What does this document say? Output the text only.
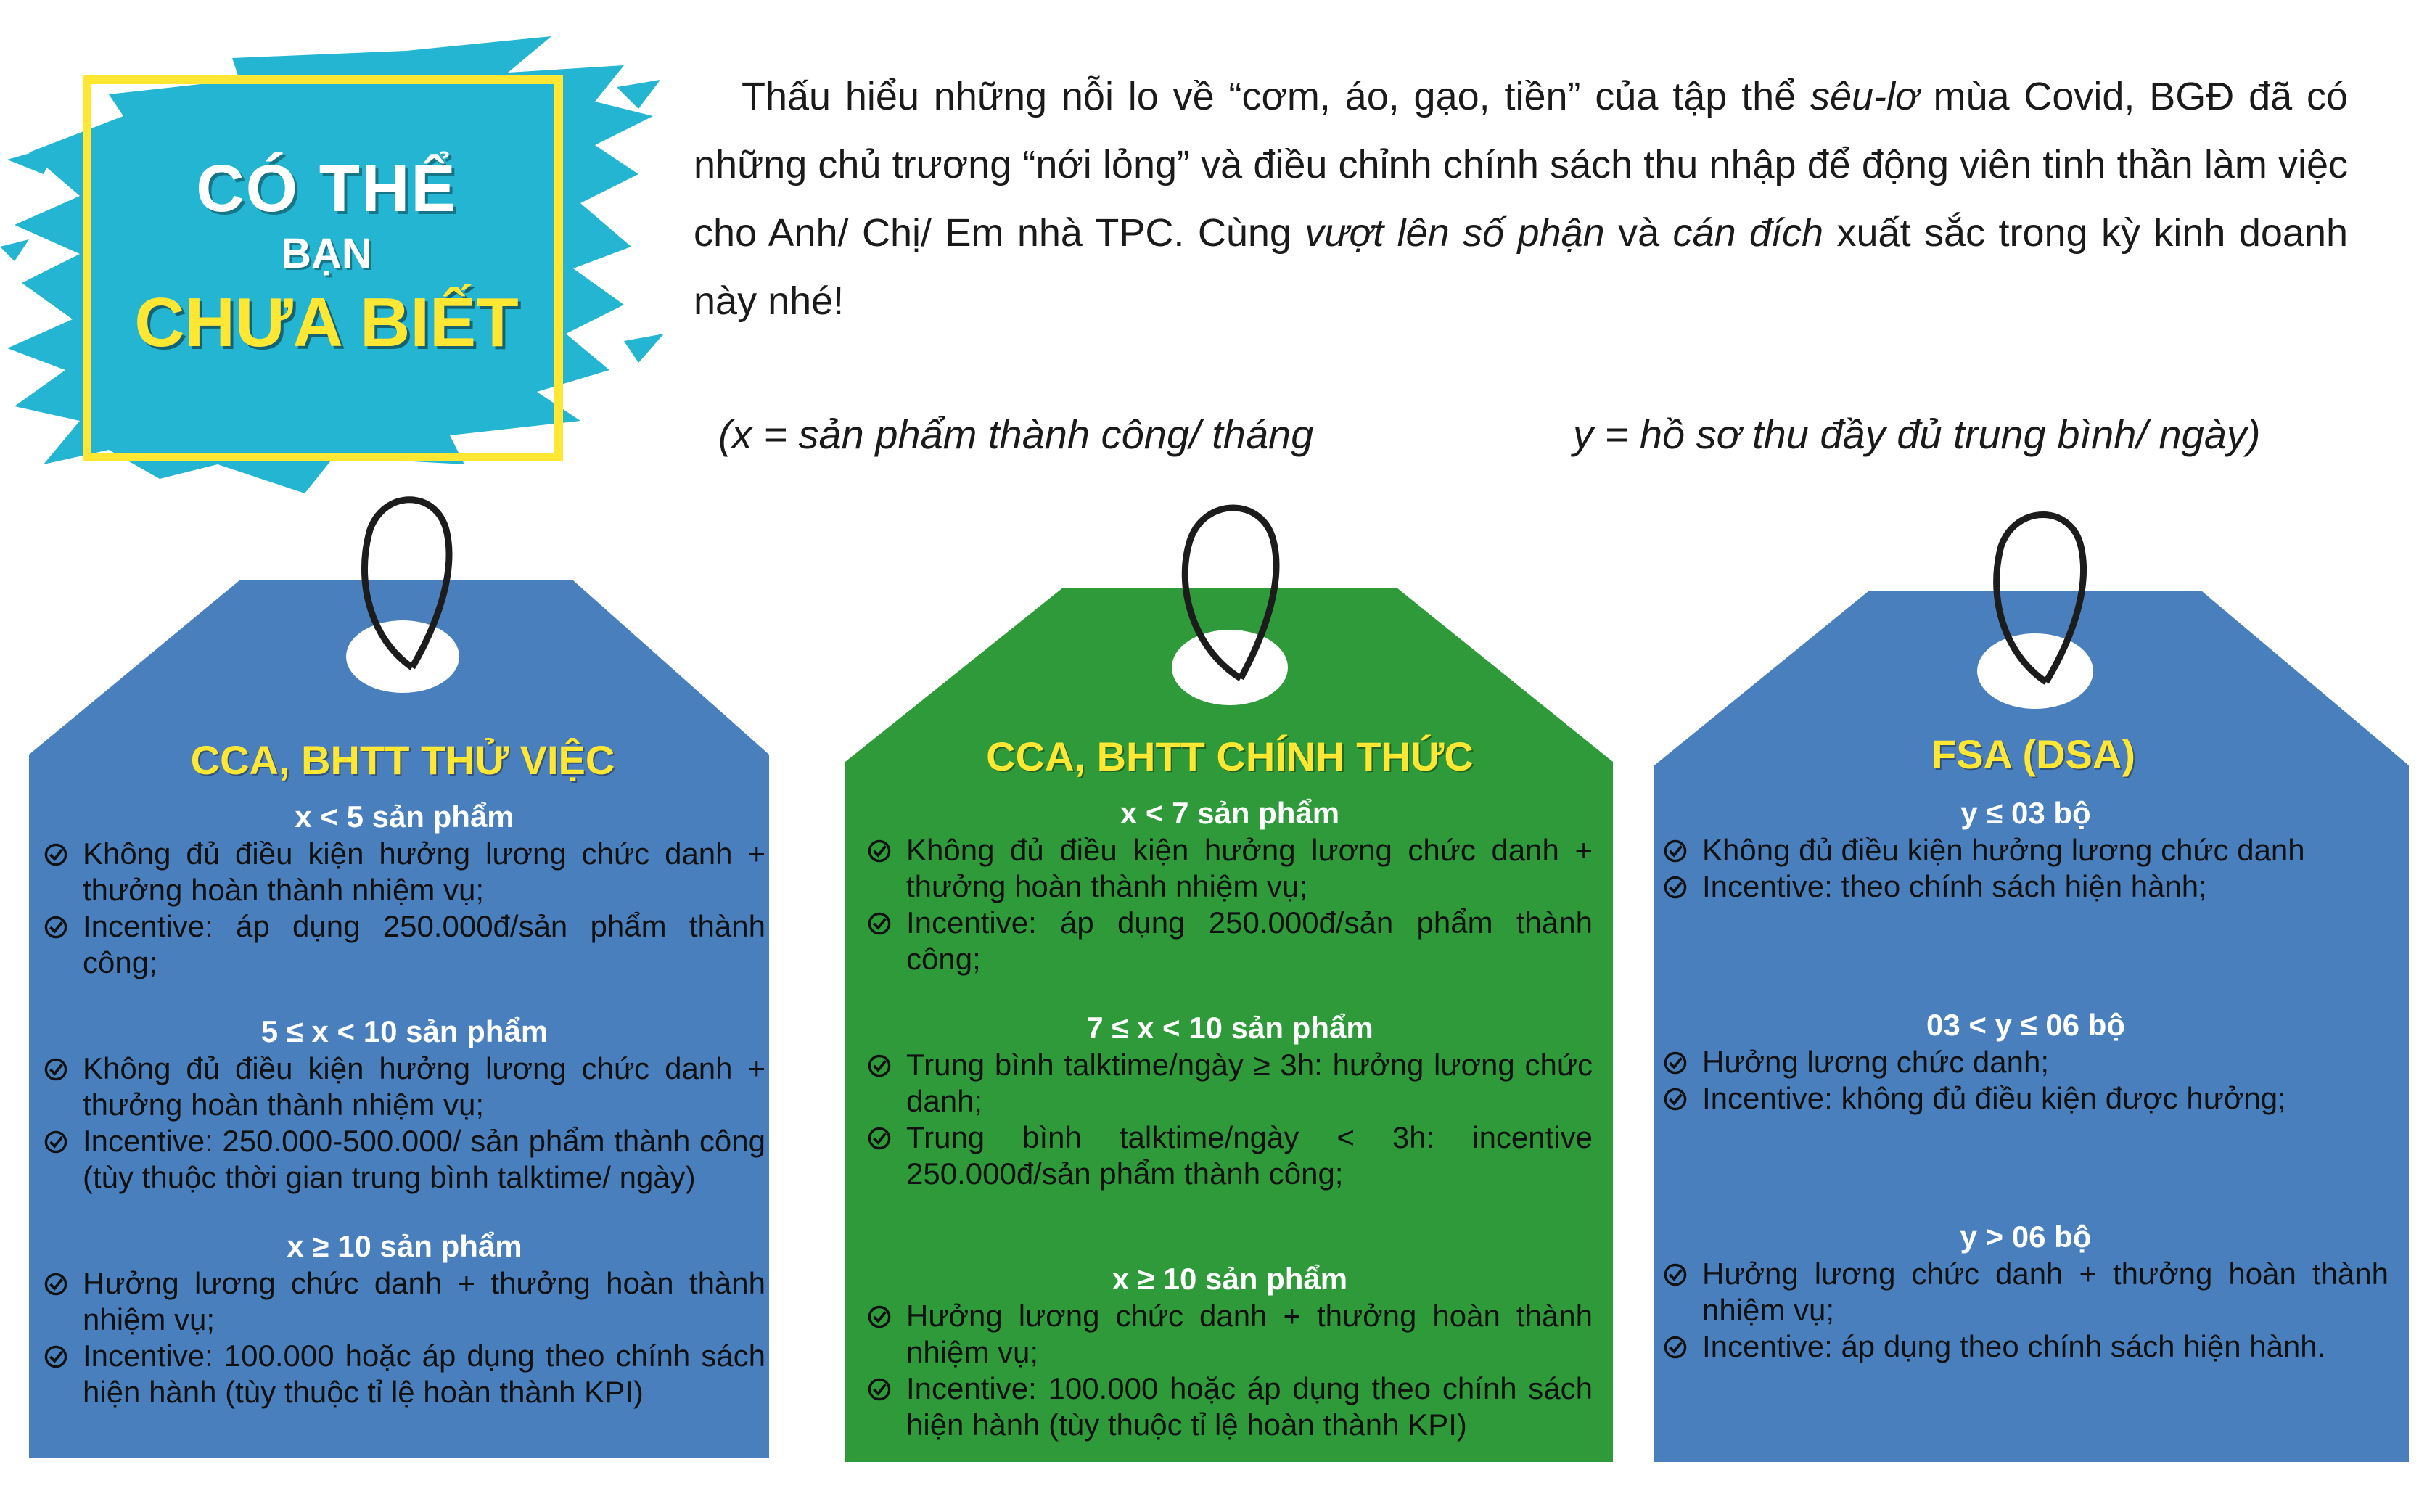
CÓ THỂ
BẠN
CHƯA BIẾT
Thấu hiểu những nỗi lo về “cơm, áo, gạo, tiền” của tập thể sêu-lơ mùa Covid, BGĐ đã có những chủ trương “nới lỏng” và điều chỉnh chính sách thu nhập để động viên tinh thần làm việc cho Anh/ Chị/ Em nhà TPC. Cùng vượt lên số phận và cán đích xuất sắc trong kỳ kinh doanh này nhé!
(x = sản phẩm thành công/ tháng	y = hồ sơ thu đầy đủ trung bình/ ngày)
CCA, BHTT THỬ VIỆC
x < 5 sản phẩm
Không đủ điều kiện hưởng lương chức danh + thưởng hoàn thành nhiệm vụ;
Incentive: áp dụng 250.000đ/sản phẩm thành công;
5 ≤ x < 10 sản phẩm
Không đủ điều kiện hưởng lương chức danh + thưởng hoàn thành nhiệm vụ;
Incentive: 250.000-500.000/ sản phẩm thành công (tùy thuộc thời gian trung bình talktime/ ngày)
x ≥ 10 sản phẩm
Hưởng lương chức danh + thưởng hoàn thành nhiệm vụ;
Incentive: 100.000 hoặc áp dụng theo chính sách hiện hành (tùy thuộc tỉ lệ hoàn thành KPI)
CCA, BHTT CHÍNH THỨC
x < 7 sản phẩm
Không đủ điều kiện hưởng lương chức danh + thưởng hoàn thành nhiệm vụ;
Incentive: áp dụng 250.000đ/sản phẩm thành công;
7 ≤ x < 10 sản phẩm
Trung bình talktime/ngày ≥ 3h: hưởng lương chức danh;
Trung bình talktime/ngày < 3h: incentive 250.000đ/sản phẩm thành công;
x ≥ 10 sản phẩm
Hưởng lương chức danh + thưởng hoàn thành nhiệm vụ;
Incentive: 100.000 hoặc áp dụng theo chính sách hiện hành (tùy thuộc tỉ lệ hoàn thành KPI)
FSA (DSA)
y ≤ 03 bộ
Không đủ điều kiện hưởng lương chức danh
Incentive: theo chính sách hiện hành;
03 < y ≤ 06 bộ
Hưởng lương chức danh;
Incentive: không đủ điều kiện được hưởng;
y > 06 bộ
Hưởng lương chức danh + thưởng hoàn thành nhiệm vụ;
Incentive: áp dụng theo chính sách hiện hành.
